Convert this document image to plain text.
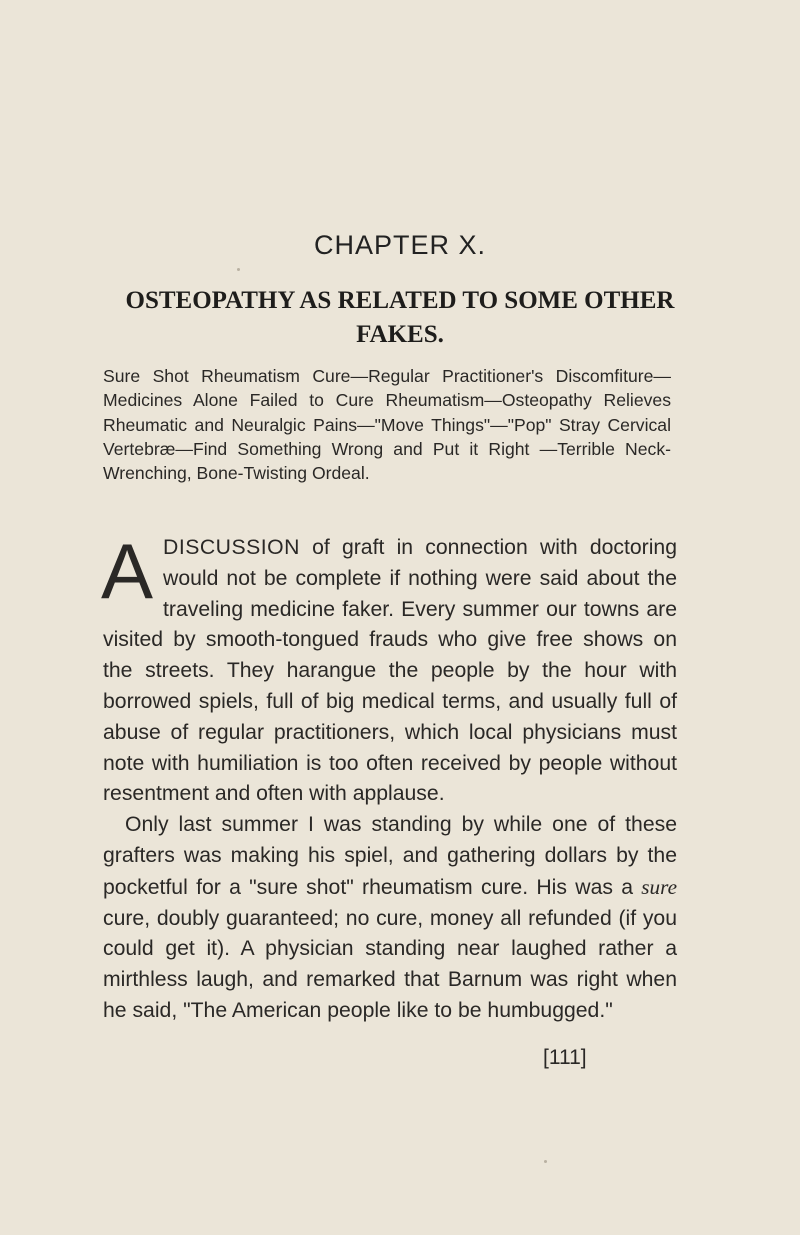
CHAPTER X.
OSTEOPATHY AS RELATED TO SOME OTHER FAKES.

Sure Shot Rheumatism Cure—Regular Practitioner's Discomfiture—Medicines Alone Failed to Cure Rheumatism—Osteopathy Relieves Rheumatic and Neuralgic Pains—"Move Things"—"Pop" Stray Cervical Vertebræ—Find Something Wrong and Put it Right —Terrible Neck-Wrenching, Bone-Twisting Ordeal.

ADISCUSSION of graft in connection with doctoring would not be complete if nothing were said about the traveling medicine faker. Every summer our towns are visited by smooth-tongued frauds who give free shows on the streets. They harangue the people by the hour with borrowed spiels, full of big medical terms, and usually full of abuse of regular practitioners, which local physicians must note with humiliation is too often received by people without resentment and often with applause.

Only last summer I was standing by while one of these grafters was making his spiel, and gathering dollars by the pocketful for a "sure shot" rheumatism cure. His was a sure cure, doubly guaranteed; no cure, money all refunded (if you could get it). A physician standing near laughed rather a mirthless laugh, and remarked that Barnum was right when he said, "The American people like to be humbugged."

[111]
